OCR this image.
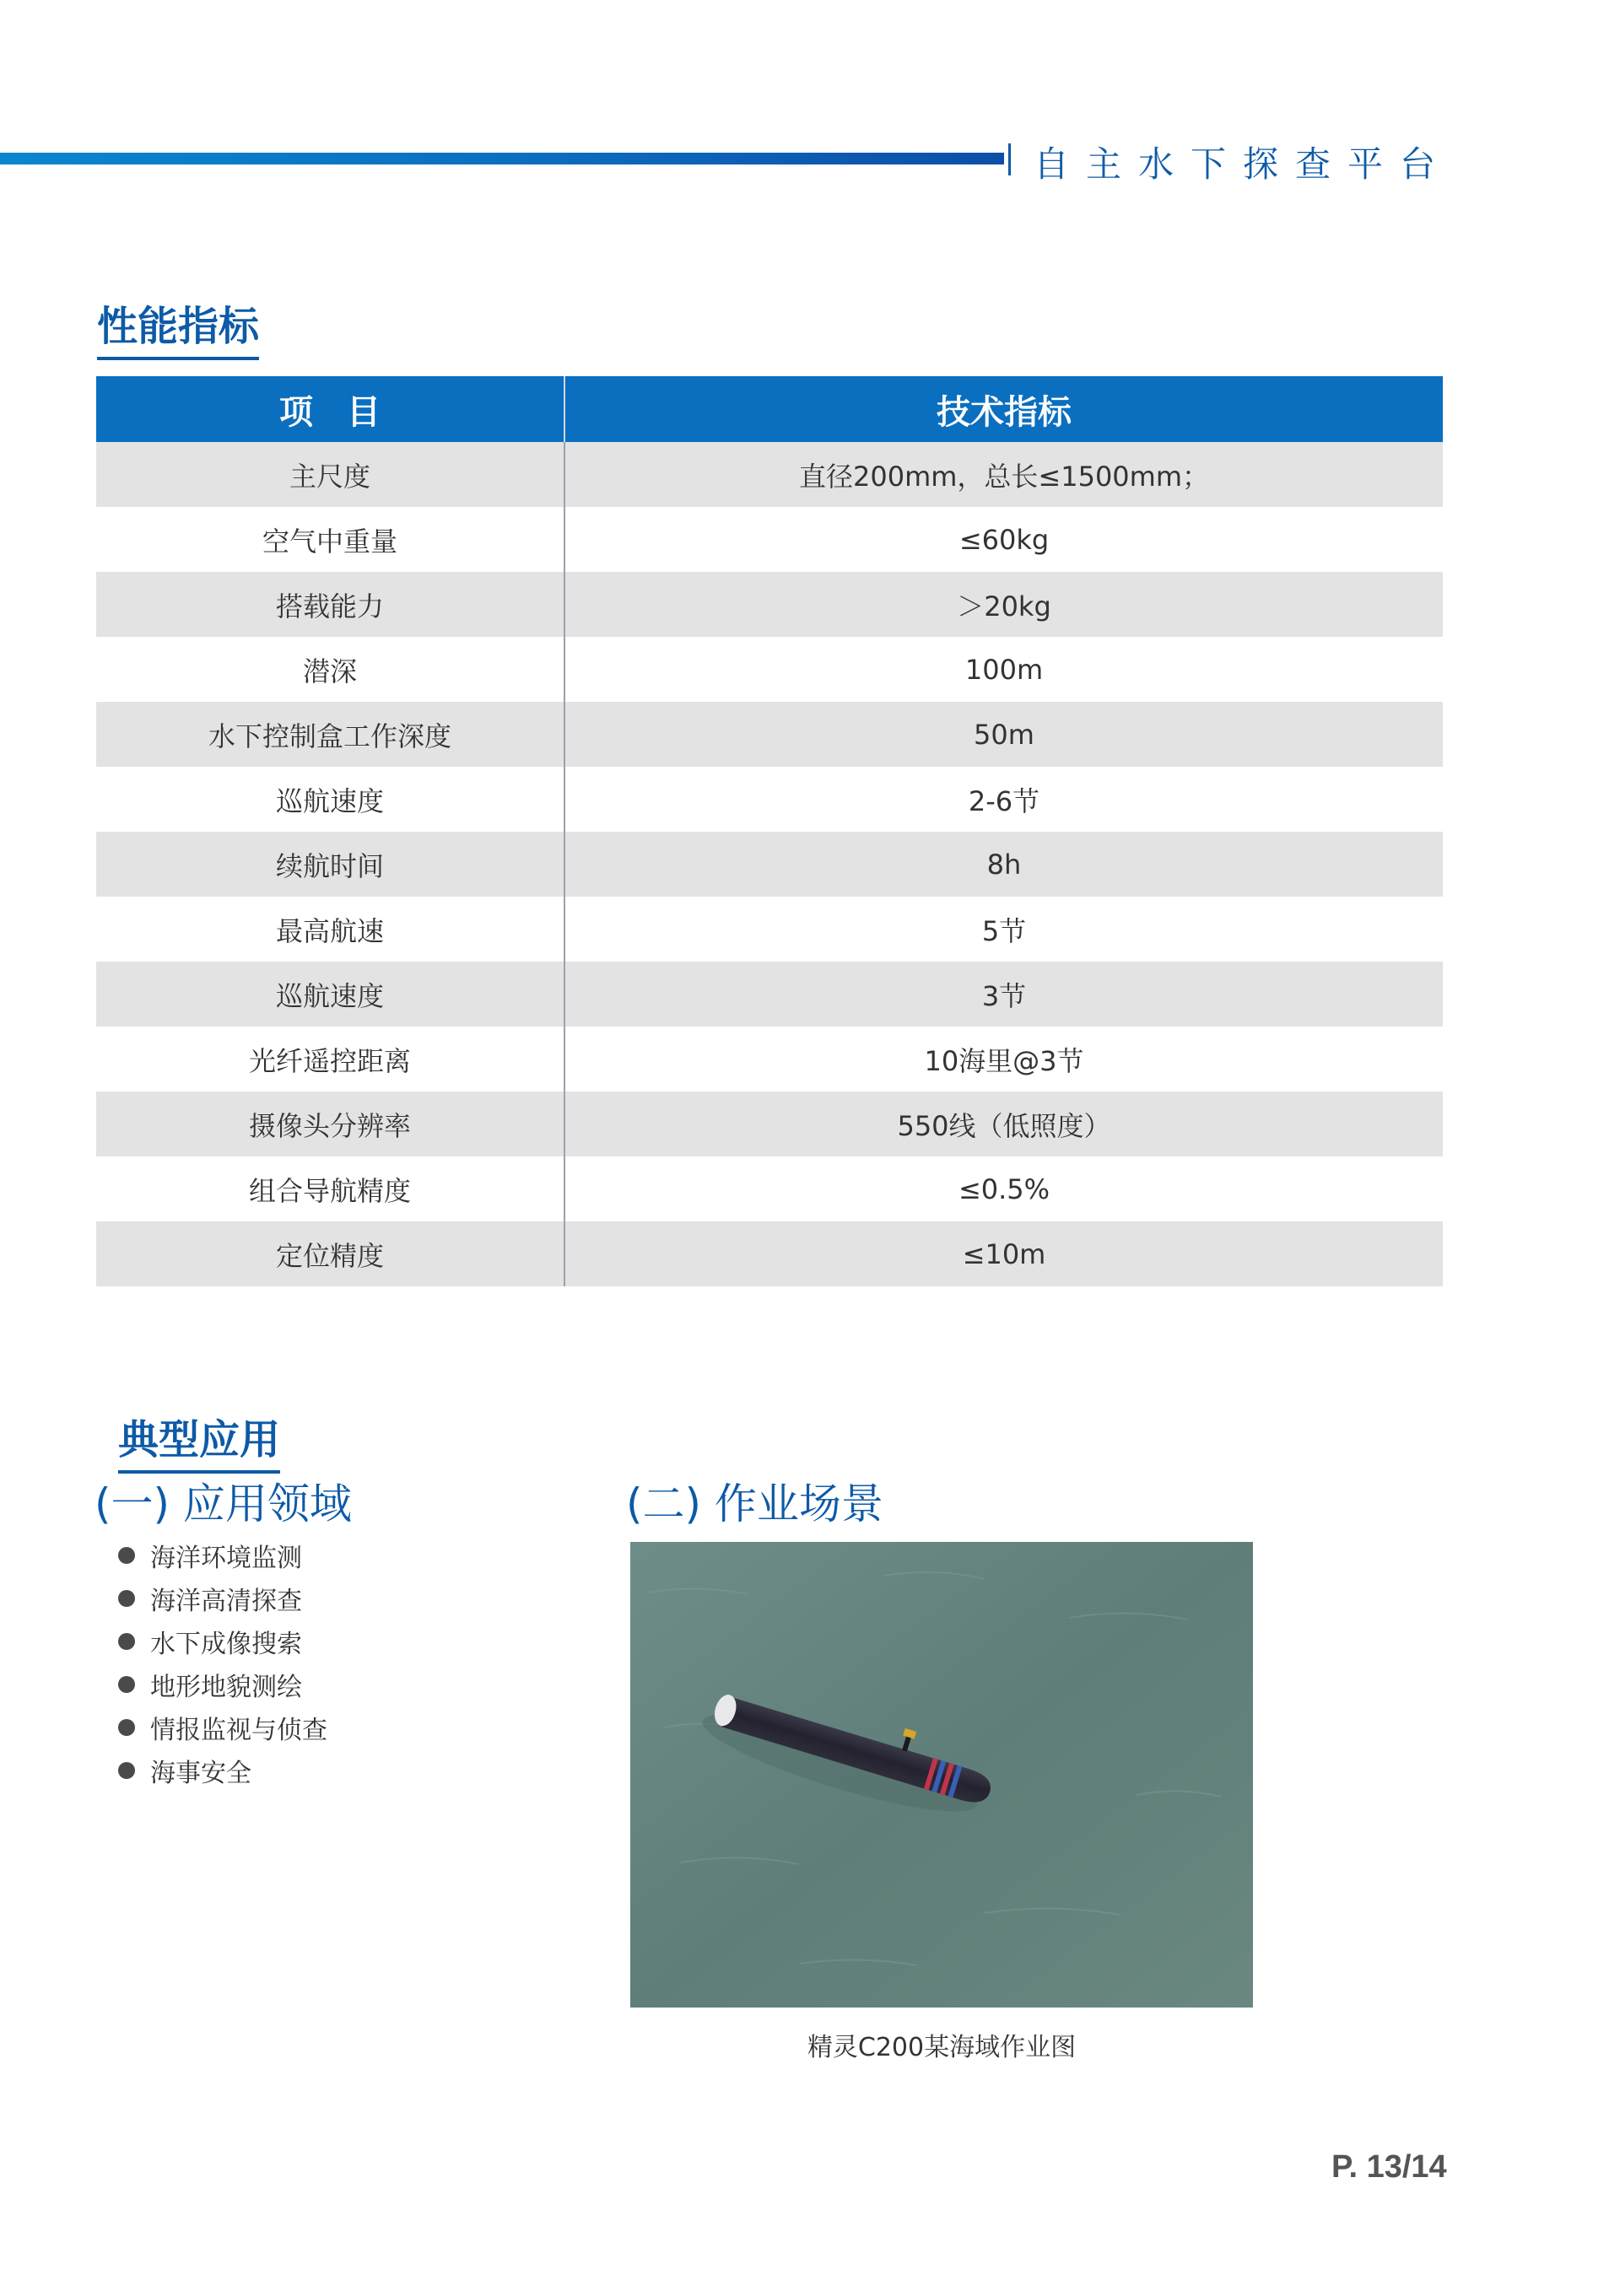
自主水下探查平台
性能指标
项　目	技术指标
主尺度	直径200mm，总长≤1500mm；
空气中重量	≤60kg
搭载能力	＞20kg
潜深	100m
水下控制盒工作深度	50m
巡航速度	2-6节
续航时间	8h
最高航速	5节
巡航速度	3节
光纤遥控距离	10海里@3节
摄像头分辨率	550线（低照度）
组合导航精度	≤0.5%
定位精度	≤10m
典型应用
(一) 应用领域
海洋环境监测
海洋高清探查
水下成像搜索
地形地貌测绘
情报监视与侦查
海事安全
(二) 作业场景
精灵C200某海域作业图
P. 13/14
